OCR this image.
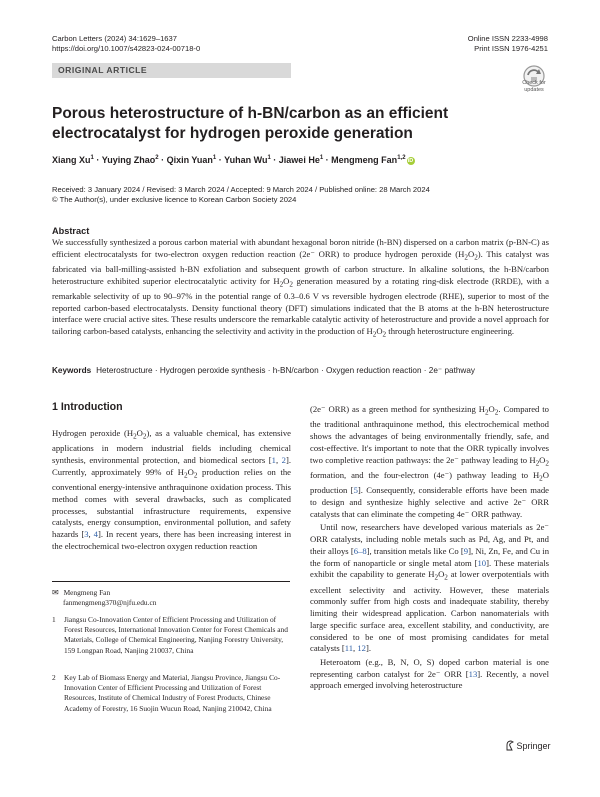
Carbon Letters (2024) 34:1629–1637
https://doi.org/10.1007/s42823-024-00718-0
Online ISSN 2233-4998
Print ISSN 1976-4251
ORIGINAL ARTICLE
Check for updates
Porous heterostructure of h-BN/carbon as an efficient electrocatalyst for hydrogen peroxide generation
Xiang $Xu^1$ · Yuying Zhao$^2$ · Qixin Yuan$^1$ · Yuhan $Wu^1$ · Jiawei $He^1$ · Mengmeng Fan$^{1,2}$ iD
Received: 3 January 2024 / Revised: 3 March 2024 / Accepted: 9 March 2024 / Published online: 28 March 2024
© The Author(s), under exclusive licence to Korean Carbon Society 2024
Abstract
We successfully synthesized a porous carbon material with abundant hexagonal boron nitride (h-BN) dispersed on a carbon matrix (p-BN-C) as efficient electrocatalysts for two-electron oxygen reduction reaction (2e⁻ ORR) to produce hydrogen peroxide $(H_2O_2)$. This catalyst was fabricated via ball-milling-assisted h-BN exfoliation and subsequent growth of carbon structure. In alkaline solutions, the h-BN/carbon heterostructure exhibited superior electrocatalytic activity for $H_2O_2$ generation measured by a rotating ring-disk electrode (RRDE), with a remarkable selectivity of up to 90–97% in the potential range of 0.3–0.6 V vs reversible hydrogen electrode (RHE), superior to most of the reported carbon-based electrocatalysts. Density functional theory (DFT) simulations indicated that the B atoms at the h-BN heterostructure interface were crucial active sites. These results underscore the remarkable catalytic activity of heterostructure and provide a novel approach for tailoring carbon-based catalysts, enhancing the selectivity and activity in the production of $H_2O_2$ through heterostructure engineering.
Keywords Heterostructure · Hydrogen peroxide synthesis · h-BN/carbon · Oxygen reduction reaction · 2e⁻ pathway
1 Introduction

Hydrogen peroxide $(H_2O_2)$, as a valuable chemical, has extensive applications in modern industrial fields including chemical synthesis, environmental protection, and biomedical sectors [1, 2]. Currently, approximately 99% of $H_2O_2$ production relies on the conventional energy-intensive anthraquinone oxidation process. This method comes with several drawbacks, such as complicated processes, substantial infrastructure requirements, expensive catalysts, energy consumption, environmental pollution, and safety hazards [3, 4]. In recent years, there has been increasing interest in the electrochemical two-electron oxygen reduction reaction

✉ Mengmeng Fan
fanmengmeng370@njfu.edu.cn
1 Jiangsu Co-Innovation Center of Efficient Processing and Utilization of Forest Resources, International Innovation Center for Forest Chemicals and Materials, College of Chemical Engineering, Nanjing Forestry University, 159 Longpan Road, Nanjing 210037, China
2 Key Lab of Biomass Energy and Material, Jiangsu Province, Jiangsu Co-Innovation Center of Efficient Processing and Utilization of Forest Resources, Institute of Chemical Industry of Forest Products, Chinese Academy of Forestry, 16 Suojin Wucun Road, Nanjing 210042, China

(2e⁻ ORR) as a green method for synthesizing $H_2O_2$. Compared to the traditional anthraquinone method, this electrochemical method shows the advantages of being environmentally friendly, safe, and cost-effective. It's important to note that the ORR typically involves two completive reaction pathways: the 2e⁻ pathway leading to $H_2O_2$ formation, and the four-electron (4e⁻) pathway leading to $H_2O$ production [5]. Consequently, considerable efforts have been made to design and synthesize highly selective and active 2e⁻ ORR catalysts that can eliminate the competing 4e⁻ ORR pathway.

Until now, researchers have developed various materials as 2e⁻ ORR catalysts, including noble metals such as Pd, Ag, and Pt, and their alloys [6–8], transition metals like Co [9], Ni, Zn, Fe, and Cu in the form of nanoparticle or single metal atom [10]. These materials exhibit the capability to generate $H_2O_2$ at lower overpotentials with excellent selectivity and activity. However, these materials commonly suffer from high costs and inadequate stability, thereby limiting their widespread application. Carbon nanomaterials with large specific surface area, excellent stability, and conductivity, are considered to be one of most promising candidates for metal catalysts [11, 12].

Heteroatom (e.g., B, N, O, S) doped carbon material is one representing carbon catalyst for 2e⁻ ORR [13]. Recently, a novel approach emerged involving heterostructure

Springer
